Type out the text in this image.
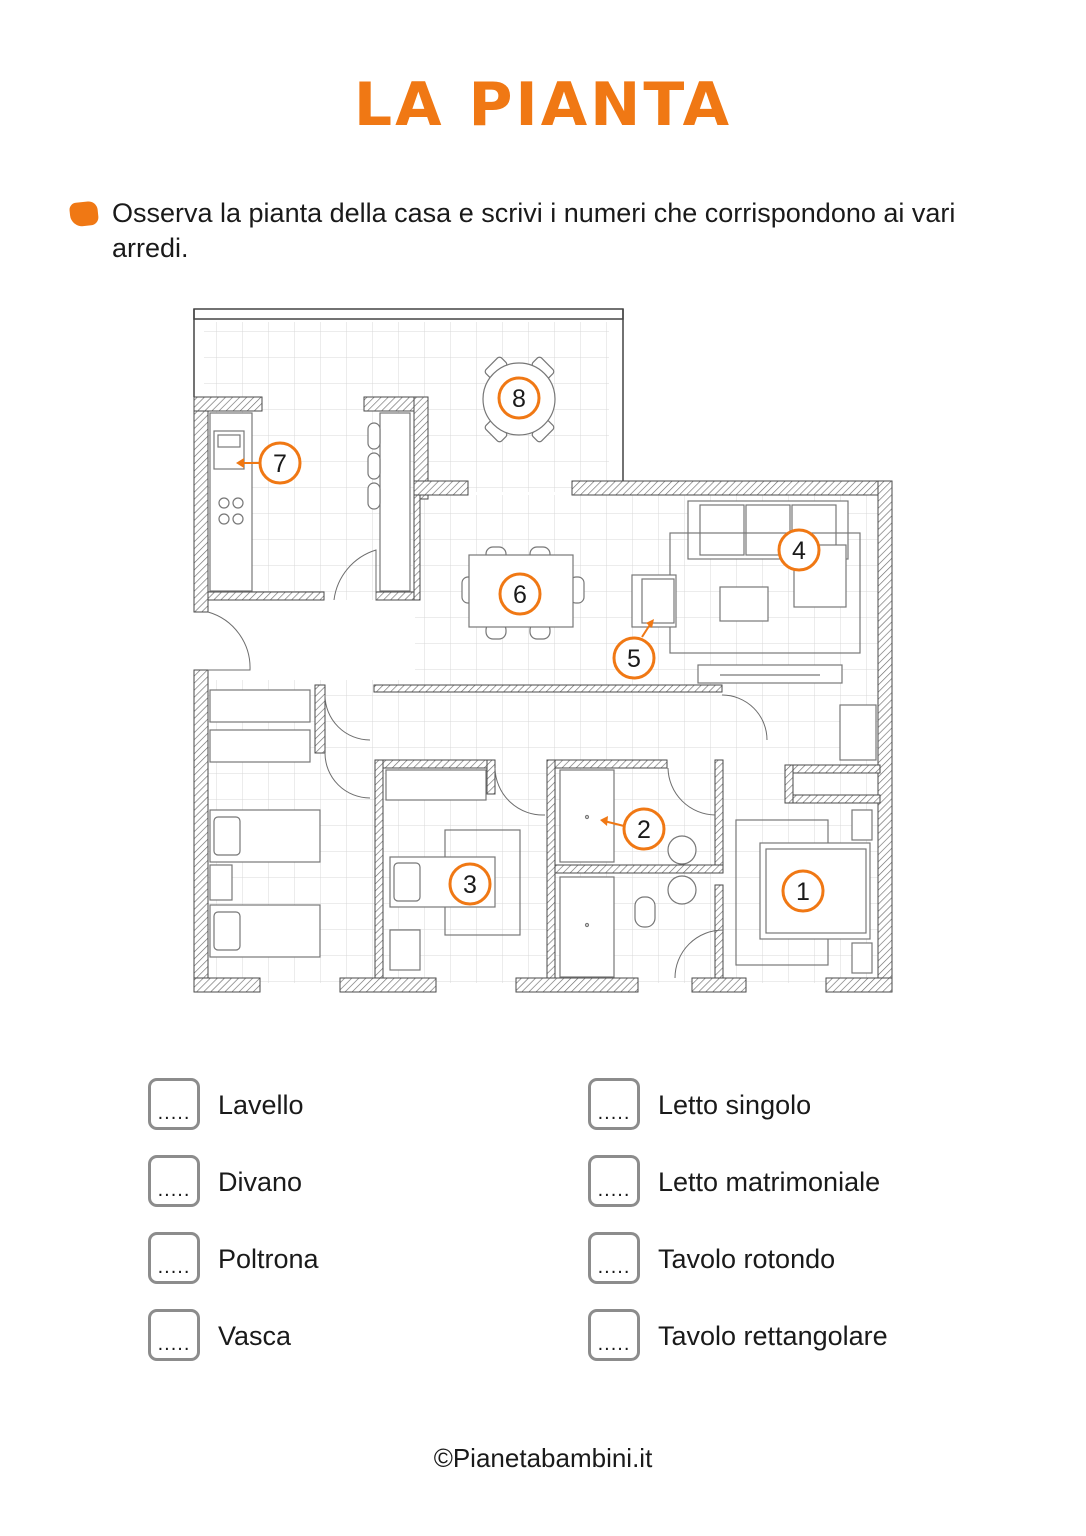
LA PIANTA

Osserva la pianta della casa e scrivi i numeri che corrispondono ai vari arredi.

8
7
6
4
5
2
3	1
..... Lavello
..... Divano
..... Poltrona
..... Vasca
..... Letto singolo
..... Letto matrimoniale
..... Tavolo rotondo
..... Tavolo rettangolare
©Pianetabambini.it
